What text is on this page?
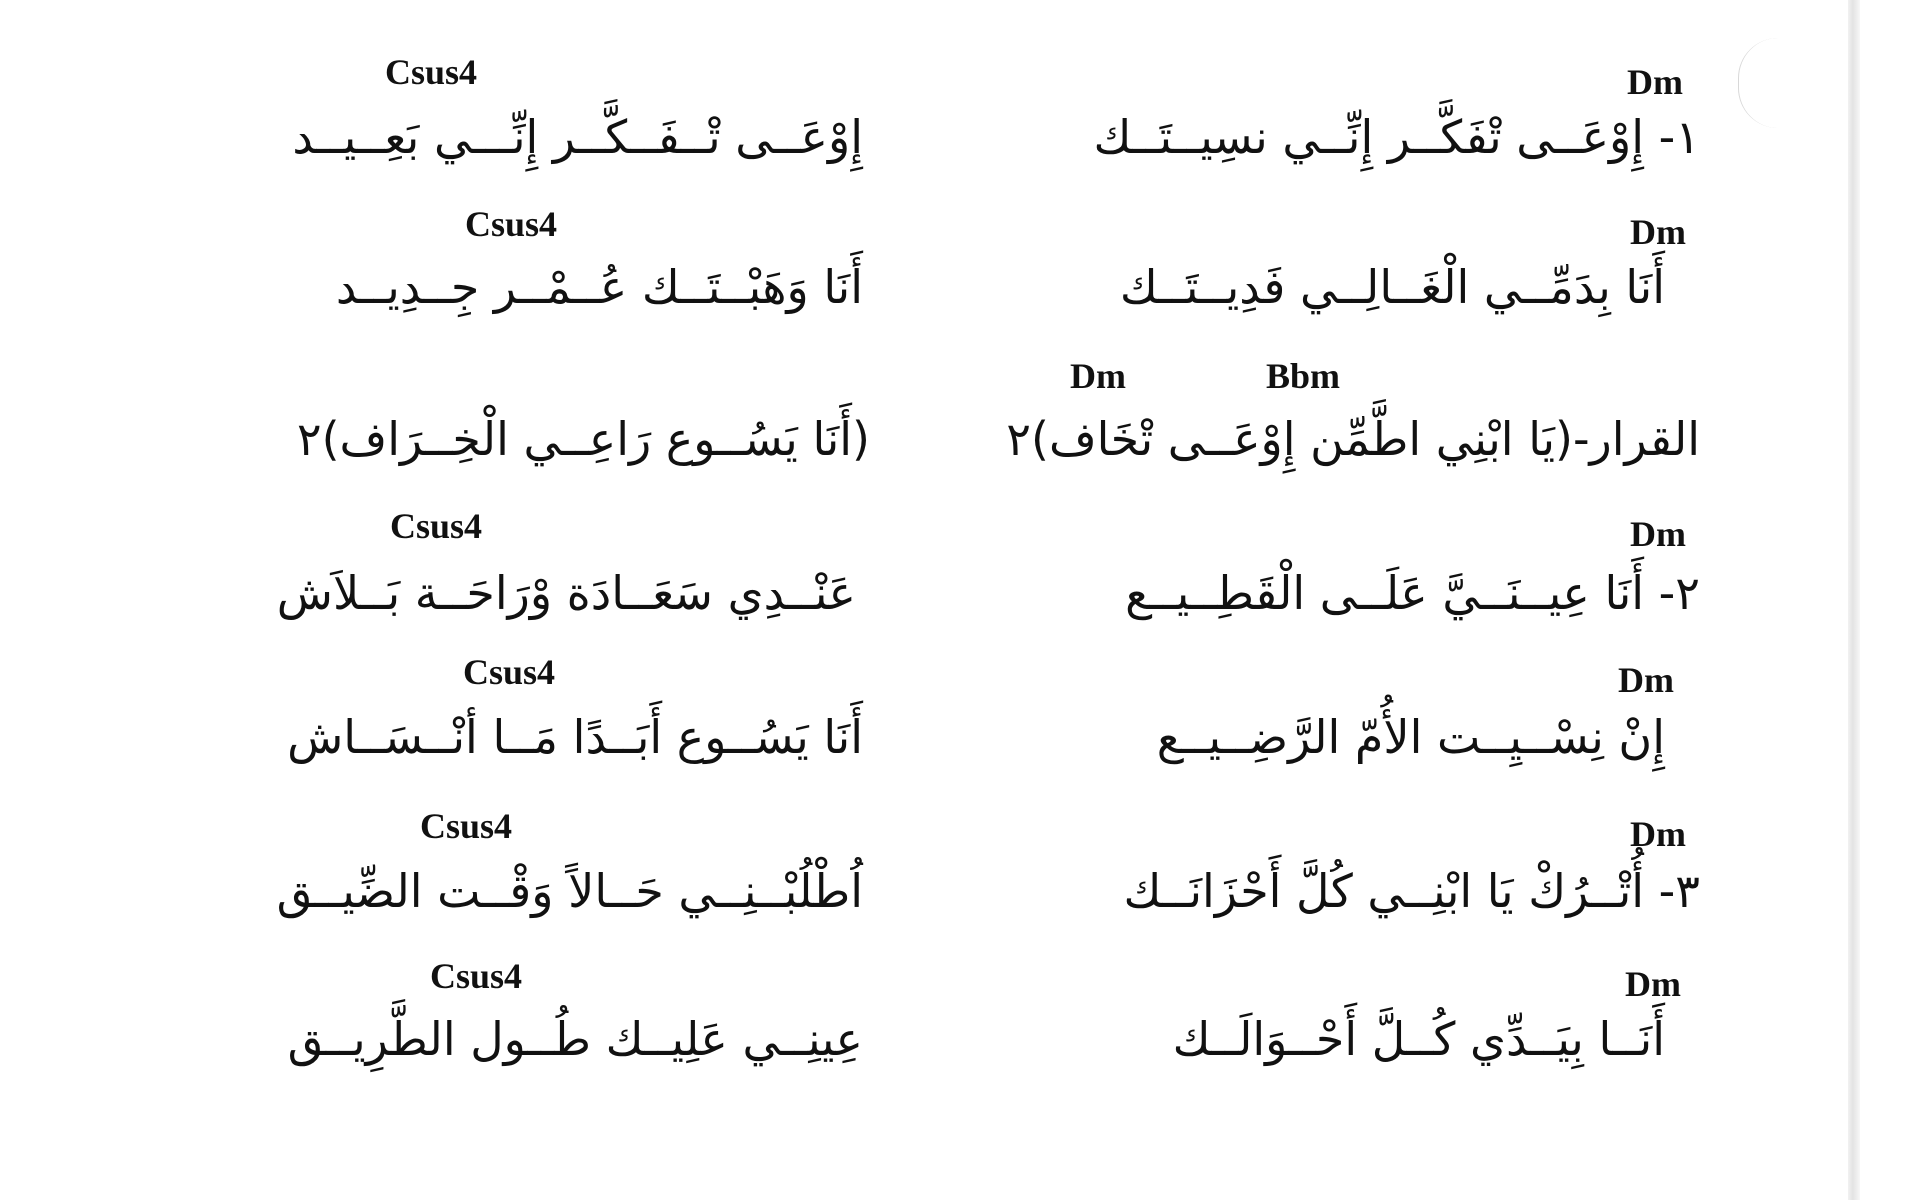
Dm
Csus4
١- إِوْعَــى تْفَكَّــر إِنِّــي نسِيــتَــك
إِوْعَــى تْــفَــكَّــر إِنِّـــي بَعِــيــد
Dm
Csus4
أَنَا بِدَمِّــي الْغَــالِــي فَدِيــتَــك
أَنَا وَهَبْــتَــك عُــمْــر جِــدِيــد
Bbm
Dm
القرار-(يَا ابْنِي اطَّمِّن إِوْعَــى تْخَاف)٢
(أَنَا يَسُــوع رَاعِــي الْخِــرَاف)٢
Dm
Csus4
٢- أَنَا عِيــنَــيَّ عَلَــى الْقَطِــيــع
عَنْــدِي سَعَــادَة وْرَاحَــة بَــلاَش
Dm
Csus4
إِنْ نِسْــيِــت الأُمّ الرَّضِــيــع
أَنَا يَسُــوع أَبَــدًا مَــا أنْــسَــاش
Dm
Csus4
٣- أُتْــرُكْ يَا ابْنِــي كُلَّ أَحْزَانَــك
اُطْلُبْــنِــي حَــالاً وَقْــت الضِّيــق
Dm
Csus4
أَنَــا بِيَــدِّي كُــلَّ أَحْــوَالَــك
عِينِــي عَلِيــك طُــول الطَّرِيــق
